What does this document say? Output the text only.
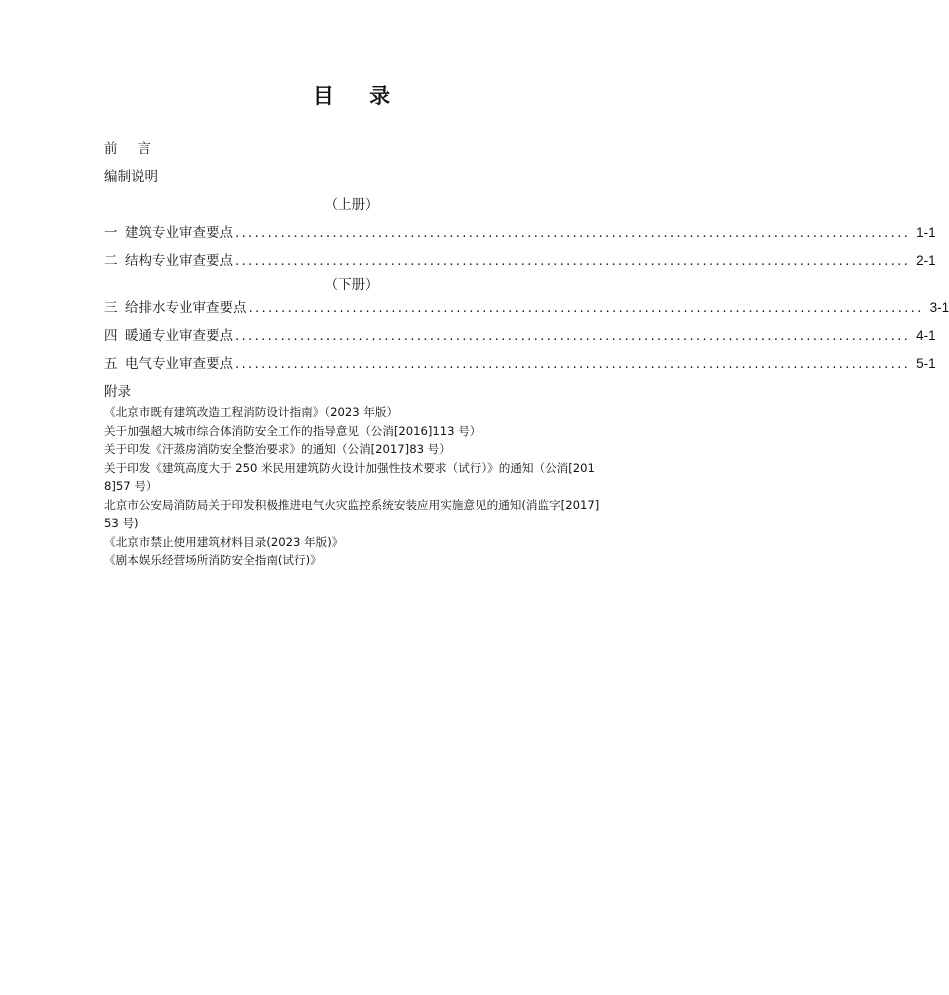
目 录
前言
编制说明
（上册）
一 建筑专业审查要点 ........................................................................................................ 1-1
二 结构专业审查要点 ........................................................................................................ 2-1
（下册）
三 给排水专业审查要点 ........................................................................................................ 3-1
四 暖通专业审查要点 ........................................................................................................ 4-1
五 电气专业审查要点 ........................................................................................................ 5-1
附录
《北京市既有建筑改造工程消防设计指南》（2023 年版）
关于加强超大城市综合体消防安全工作的指导意见（公消[2016]113 号）
关于印发《汗蒸房消防安全整治要求》的通知（公消[2017]83 号）
关于印发《建筑高度大于 250 米民用建筑防火设计加强性技术要求（试行）》的通知（公消[2018]57 号）
北京市公安局消防局关于印发积极推进电气火灾监控系统安装应用实施意见的通知(消监字[2017]53 号)
《北京市禁止使用建筑材料目录(2023 年版)》
《剧本娱乐经营场所消防安全指南(试行)》
